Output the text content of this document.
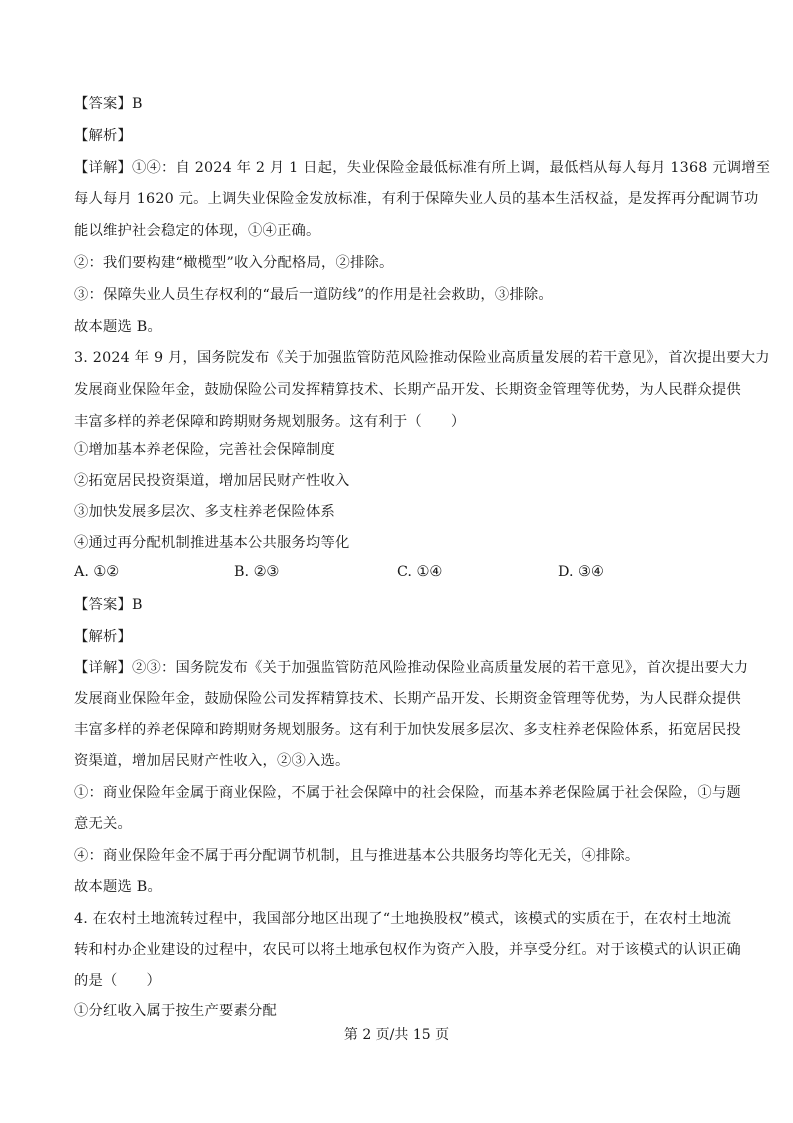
【答案】B
【解析】
【详解】①④：自 2024 年 2 月 1 日起，失业保险金最低标准有所上调，最低档从每人每月 1368 元调增至
每人每月 1620 元。上调失业保险金发放标准，有利于保障失业人员的基本生活权益，是发挥再分配调节功
能以维护社会稳定的体现，①④正确。
②：我们要构建“橄榄型”收入分配格局，②排除。
③：保障失业人员生存权利的“最后一道防线”的作用是社会救助，③排除。
故本题选 B。
3. 2024 年 9 月，国务院发布《关于加强监管防范风险推动保险业高质量发展的若干意见》，首次提出要大力
发展商业保险年金，鼓励保险公司发挥精算技术、长期产品开发、长期资金管理等优势，为人民群众提供
丰富多样的养老保障和跨期财务规划服务。这有利于（　　）
①增加基本养老保险，完善社会保障制度
②拓宽居民投资渠道，增加居民财产性收入
③加快发展多层次、多支柱养老保险体系
④通过再分配机制推进基本公共服务均等化
A. ①②	B. ②③	C. ①④	D. ③④
【答案】B
【解析】
【详解】②③：国务院发布《关于加强监管防范风险推动保险业高质量发展的若干意见》，首次提出要大力
发展商业保险年金，鼓励保险公司发挥精算技术、长期产品开发、长期资金管理等优势，为人民群众提供
丰富多样的养老保障和跨期财务规划服务。这有利于加快发展多层次、多支柱养老保险体系，拓宽居民投
资渠道，增加居民财产性收入，②③入选。
①：商业保险年金属于商业保险，不属于社会保障中的社会保险，而基本养老保险属于社会保险，①与题
意无关。
④：商业保险年金不属于再分配调节机制，且与推进基本公共服务均等化无关，④排除。
故本题选 B。
4. 在农村土地流转过程中，我国部分地区出现了“土地换股权”模式，该模式的实质在于，在农村土地流
转和村办企业建设的过程中，农民可以将土地承包权作为资产入股，并享受分红。对于该模式的认识正确
的是（　　）
①分红收入属于按生产要素分配
第 2 页/共 15 页
